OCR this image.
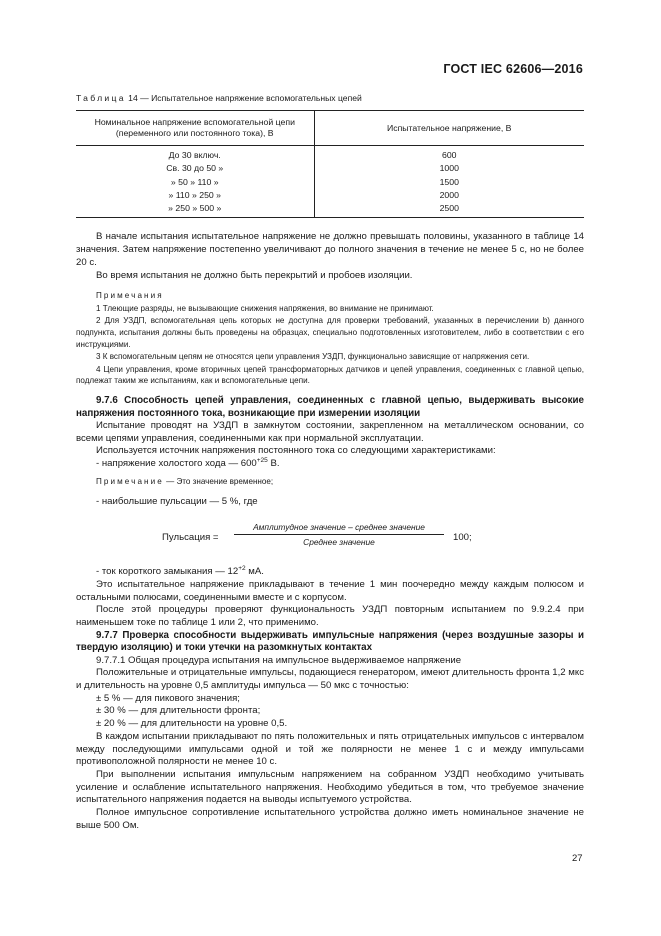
ГОСТ IEC 62606—2016
Таблица 14 — Испытательное напряжение вспомогательных цепей
Номинальное напряжение вспомогательной цепи (переменного или постоянного тока), В	Испытательное напряжение, В
До 30 включ.	600
Св. 30 до 50 »	1000
» 50 » 110 »	1500
» 110 » 250 »	2000
» 250 » 500 »	2500

В начале испытания испытательное напряжение не должно превышать половины, указанного в таблице 14 значения. Затем напряжение постепенно увеличивают до полного значения в течение не менее 5 с, но не более 20 с.

Во время испытания не должно быть перекрытий и пробоев изоляции.

Примечания

1 Тлеющие разряды, не вызывающие снижения напряжения, во внимание не принимают.

2 Для УЗДП, вспомогательная цепь которых не доступна для проверки требований, указанных в перечислении b) данного подпункта, испытания должны быть проведены на образцах, специально подготовленных изготовителем, либо в соответствии с его инструкциями.

3 К вспомогательным цепям не относятся цепи управления УЗДП, функционально зависящие от напряжения сети.

4 Цепи управления, кроме вторичных цепей трансформаторных датчиков и цепей управления, соединенных с главной цепью, подлежат таким же испытаниям, как и вспомогательные цепи.

9.7.6 Способность цепей управления, соединенных с главной цепью, выдерживать высокие напряжения постоянного тока, возникающие при измерении изоляции

Испытание проводят на УЗДП в замкнутом состоянии, закрепленном на металлическом основании, со всеми цепями управления, соединенными как при нормальной эксплуатации.

Используется источник напряжения постоянного тока со следующими характеристиками:

- напряжение холостого хода — $600^{+25}$ В.

Примечание — Это значение временное;

- наибольшие пульсации — 5 %, где

Пульсация =
Амплитудное значение – среднее значение
Среднее значение	100;

- ток короткого замыкания — $12^{+2}$ мА.

Это испытательное напряжение прикладывают в течение 1 мин поочередно между каждым полюсом и остальными полюсами, соединенными вместе и с корпусом.

После этой процедуры проверяют функциональность УЗДП повторным испытанием по 9.9.2.4 при наименьшем токе по таблице 1 или 2, что применимо.

9.7.7 Проверка способности выдерживать импульсные напряжения (через воздушные зазоры и твердую изоляцию) и токи утечки на разомкнутых контактах

9.7.7.1 Общая процедура испытания на импульсное выдерживаемое напряжение

Положительные и отрицательные импульсы, подающиеся генератором, имеют длительность фронта 1,2 мкс и длительность на уровне 0,5 амплитуды импульса — 50 мкс с точностью:

± 5 % — для пикового значения;

± 30 % — для длительности фронта;

± 20 % — для длительности на уровне 0,5.

В каждом испытании прикладывают по пять положительных и пять отрицательных импульсов с интервалом между последующими импульсами одной и той же полярности не менее 1 с и между импульсами противоположной полярности не менее 10 с.

При выполнении испытания импульсным напряжением на собранном УЗДП необходимо учитывать усиление и ослабление испытательного напряжения. Необходимо убедиться в том, что требуемое значение испытательного напряжения подается на выводы испытуемого устройства.

Полное импульсное сопротивление испытательного устройства должно иметь номинальное значение не выше 500 Ом.

27
